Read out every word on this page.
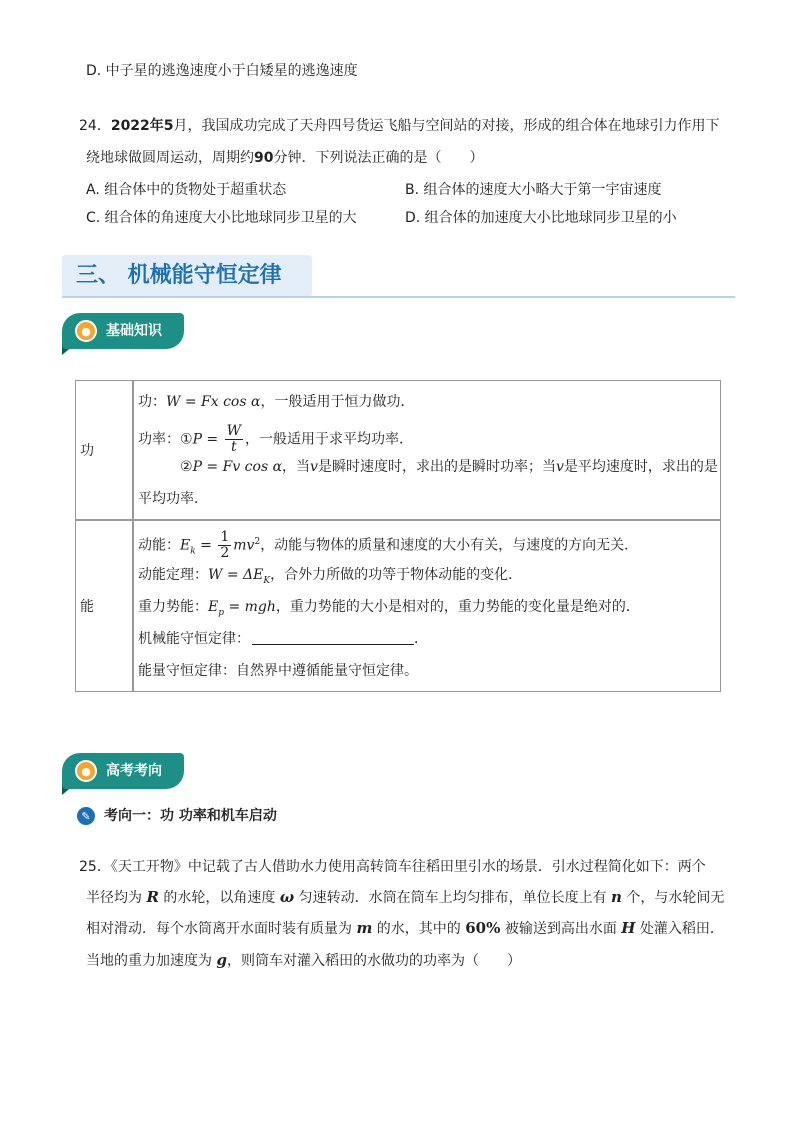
D. 中子星的逃逸速度小于白矮星的逃逸速度
24．2022年5月，我国成功完成了天舟四号货运飞船与空间站的对接，形成的组合体在地球引力作用下
绕地球做圆周运动，周期约90分钟．下列说法正确的是（　　）
A. 组合体中的货物处于超重状态	B. 组合体的速度大小略大于第一宇宙速度
C. 组合体的角速度大小比地球同步卫星的大	D. 组合体的加速度大小比地球同步卫星的小
三、 机械能守恒定律
●	基础知识
功
功：W = Fx cos α，一般适用于恒力做功．
功率：①P = $\frac{W}{t}$ ，一般适用于求平均功率．
②P = Fv cos α，当v是瞬时速度时，求出的是瞬时功率；当v是平均速度时，求出的是
平均功率．
能
动能：$E_k = \frac{1}{2} mv^2$，动能与物体的质量和速度的大小有关，与速度的方向无关．
动能定理：$W = \Delta E_K$，合外力所做的功等于物体动能的变化．
重力势能：$E_p$ = mgh，重力势能的大小是相对的，重力势能的变化量是绝对的．
机械能守恒定律：	．
能量守恒定律：自然界中遵循能量守恒定律。
●	高考考向
✎ 考向一：功 功率和机车启动
25．《天工开物》中记载了古人借助水力使用高转筒车往稻田里引水的场景．引水过程简化如下：两个
半径均为 R 的水轮，以角速度 ω 匀速转动．水筒在筒车上均匀排布，单位长度上有 n 个，与水轮间无
相对滑动．每个水筒离开水面时装有质量为 m 的水，其中的 60% 被输送到高出水面 H 处灌入稻田．
当地的重力加速度为 g，则筒车对灌入稻田的水做功的功率为（　　）
